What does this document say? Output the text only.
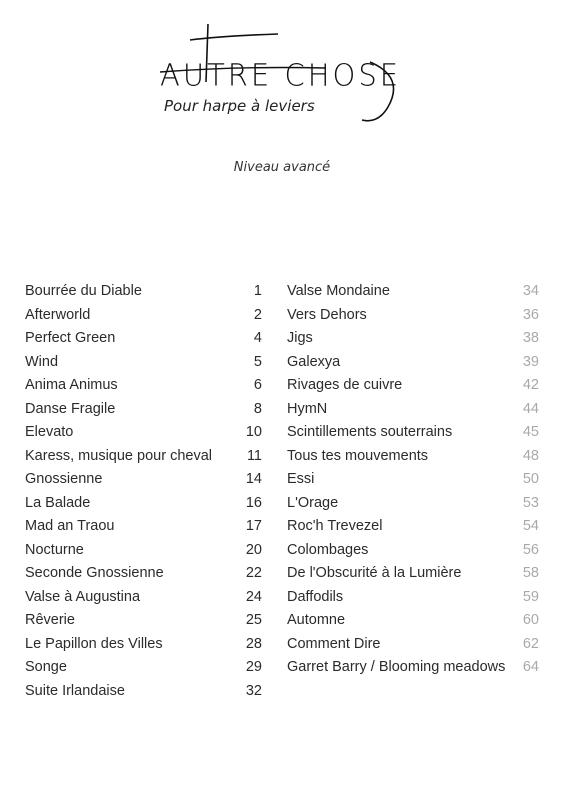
AUTRE CHOSE
Pour harpe à leviers
Niveau avancé
Bourrée du Diable	1
Afterworld	2
Perfect Green	4
Wind	5
Anima Animus	6
Danse Fragile	8
Elevato	10
Karess, musique pour cheval 11
Gnossienne	14
La Balade	16
Mad an Traou	17
Nocturne	20
Seconde Gnossienne	22
Valse à Augustina	24
Rêverie	25
Le Papillon des Villes	28
Songe	29
Suite Irlandaise	32
Valse Mondaine	34
Vers Dehors	36
Jigs	38
Galexya	39
Rivages de cuivre	42
HymN	44
Scintillements souterrains	45
Tous tes mouvements	48
Essi	50
L'Orage	53
Roc'h Trevezel	54
Colombages	56
De l'Obscurité à la Lumière	58
Daffodils	59
Automne	60
Comment Dire	62
Garret Barry / Blooming meadows 64
